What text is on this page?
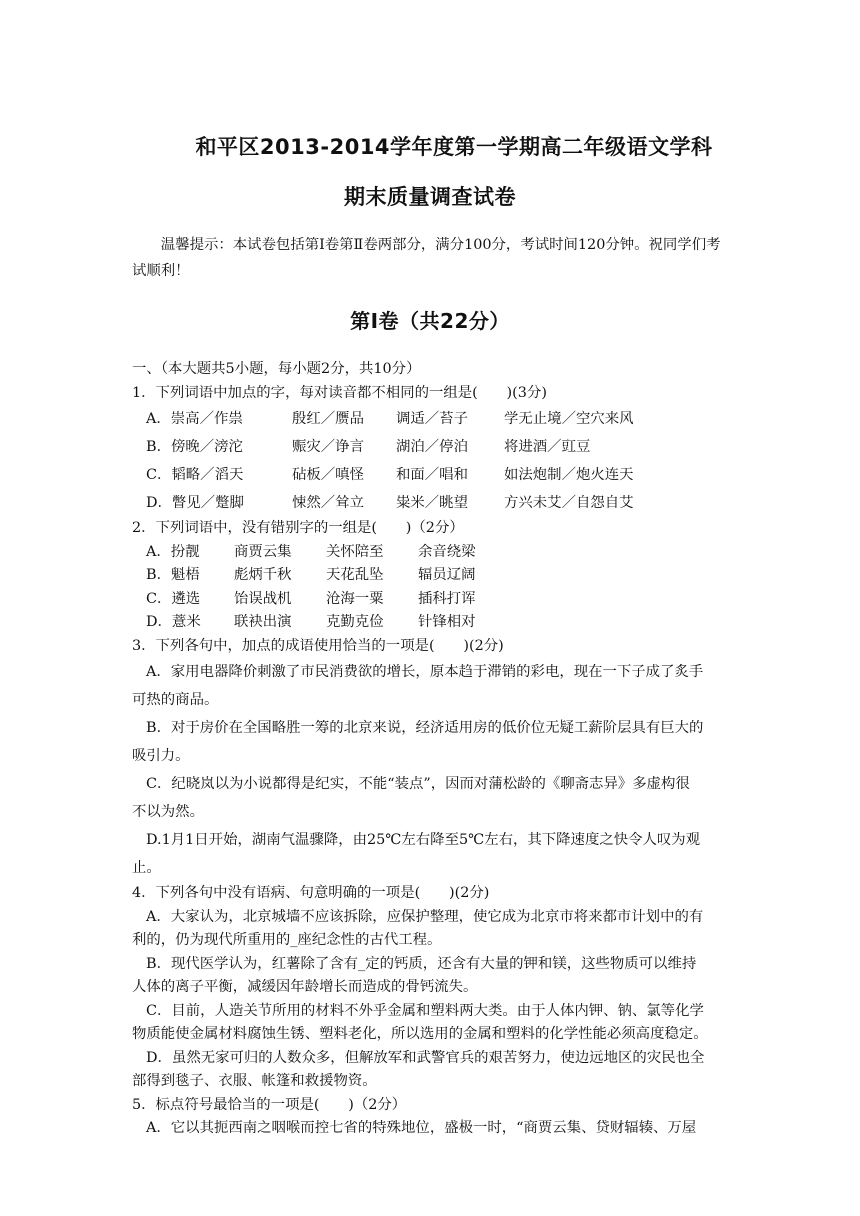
和平区2013-2014学年度第一学期高二年级语文学科
期末质量调查试卷
温馨提示：本试卷包括第Ⅰ卷第Ⅱ卷两部分，满分100分，考试时间120分钟。祝同学们考试顺利！
第Ⅰ卷（共22分）
一、（本大题共5小题，每小题2分，共10分）
1．下列词语中加点的字，每对读音都不相同的一组是(　　)(3分)
A．崇高／作祟	殷红／赝品 调适／苔子	学无止境／空穴来风
B．傍晚／滂沱	赈灾／诤言 湖泊／停泊	将进酒／豇豆
C．韬略／滔天	砧板／嗔怪 和面／唱和	如法炮制／炮火连天
D．瞥见／蹩脚	悚然／耸立 粜米／眺望	方兴未艾／自怨自艾
2．下列词语中，没有错别字的一组是(　　)（2分）
A．扮靓 商贾云集 关怀陪至 余音绕梁
B．魁梧 彪炳千秋 天花乱坠 辐员辽阔
C．遴选 饴误战机 沧海一粟 插科打诨
D．薏米 联袂出演 克勤克俭 针锋相对
3．下列各句中，加点的成语使用恰当的一项是(　　)(2分)
A．家用电器降价刺激了市民消费欲的增长，原本趋于滞销的彩电，现在一下子成了炙手
可热的商品。
B．对于房价在全国略胜一筹的北京来说，经济适用房的低价位无疑工薪阶层具有巨大的
吸引力。
C．纪晓岚以为小说都得是纪实，不能“装点”，因而对蒲松龄的《聊斋志异》多虚构很
不以为然。
D.1月1日开始，湖南气温骤降，由25℃左右降至5℃左右，其下降速度之快令人叹为观
止。
4．下列各句中没有语病、句意明确的一项是(　　)(2分)
A．大家认为，北京城墙不应该拆除，应保护整理，使它成为北京市将来都市计划中的有
利的，仍为现代所重用的_座纪念性的古代工程。
B．现代医学认为，红薯除了含有_定的钙质，还含有大量的钾和镁，这些物质可以维持
人体的离子平衡，减缓因年龄增长而造成的骨钙流失。
C．目前，人造关节所用的材料不外乎金属和塑料两大类。由于人体内钾、钠、氯等化学
物质能使金属材料腐蚀生锈、塑料老化，所以选用的金属和塑料的化学性能必须高度稳定。
D．虽然无家可归的人数众多，但解放军和武警官兵的艰苦努力，使边远地区的灾民也全
部得到毯子、衣服、帐篷和救援物资。
5．标点符号最恰当的一项是(　　)（2分）
A．它以其扼西南之咽喉而控七省的特殊地位，盛极一时，“商贾云集、贷财辐辏、万屋
